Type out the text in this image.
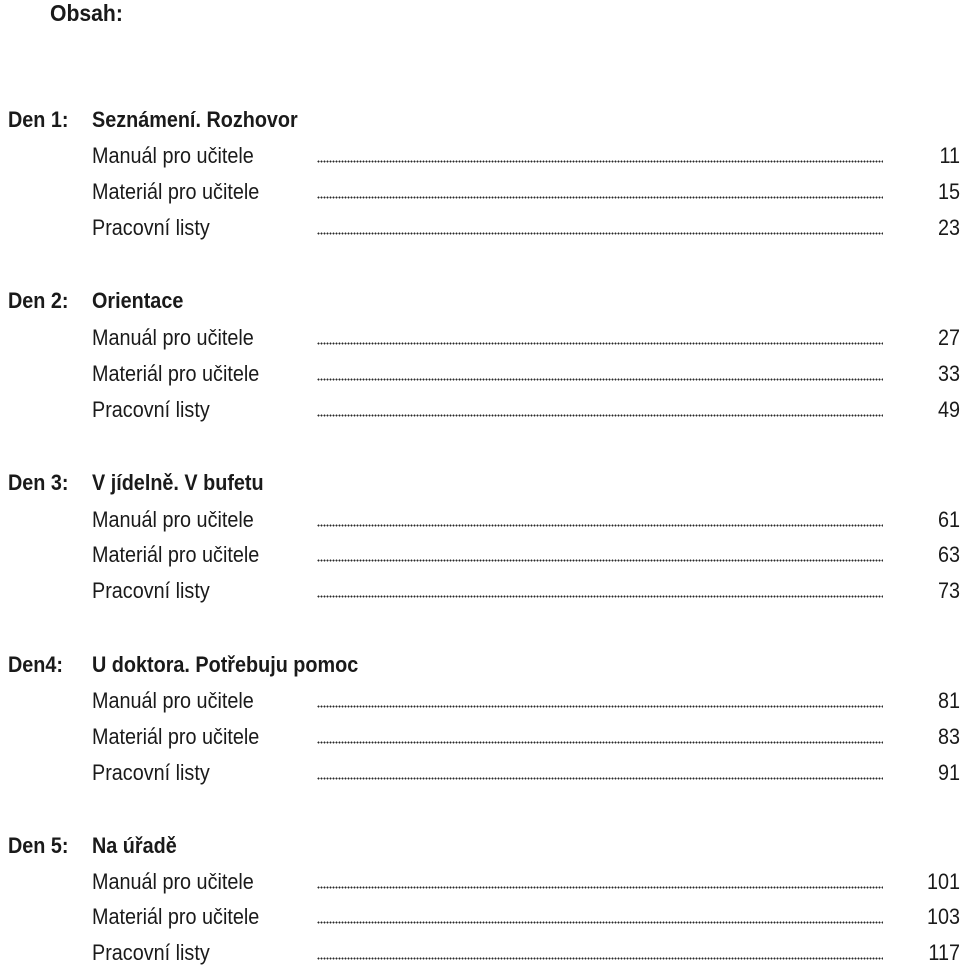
Obsah:
Den 1: Seznámení. Rozhovor
Manuál pro učitele	11
Materiál pro učitele	15
Pracovní listy	23
Den 2: Orientace
Manuál pro učitele	27
Materiál pro učitele	33
Pracovní listy	49
Den 3: V jídelně. V bufetu
Manuál pro učitele	61
Materiál pro učitele	63
Pracovní listy	73
Den4: U doktora. Potřebuju pomoc
Manuál pro učitele	81
Materiál pro učitele	83
Pracovní listy	91
Den 5: Na úřadě
Manuál pro učitele	101
Materiál pro učitele	103
Pracovní listy	117
